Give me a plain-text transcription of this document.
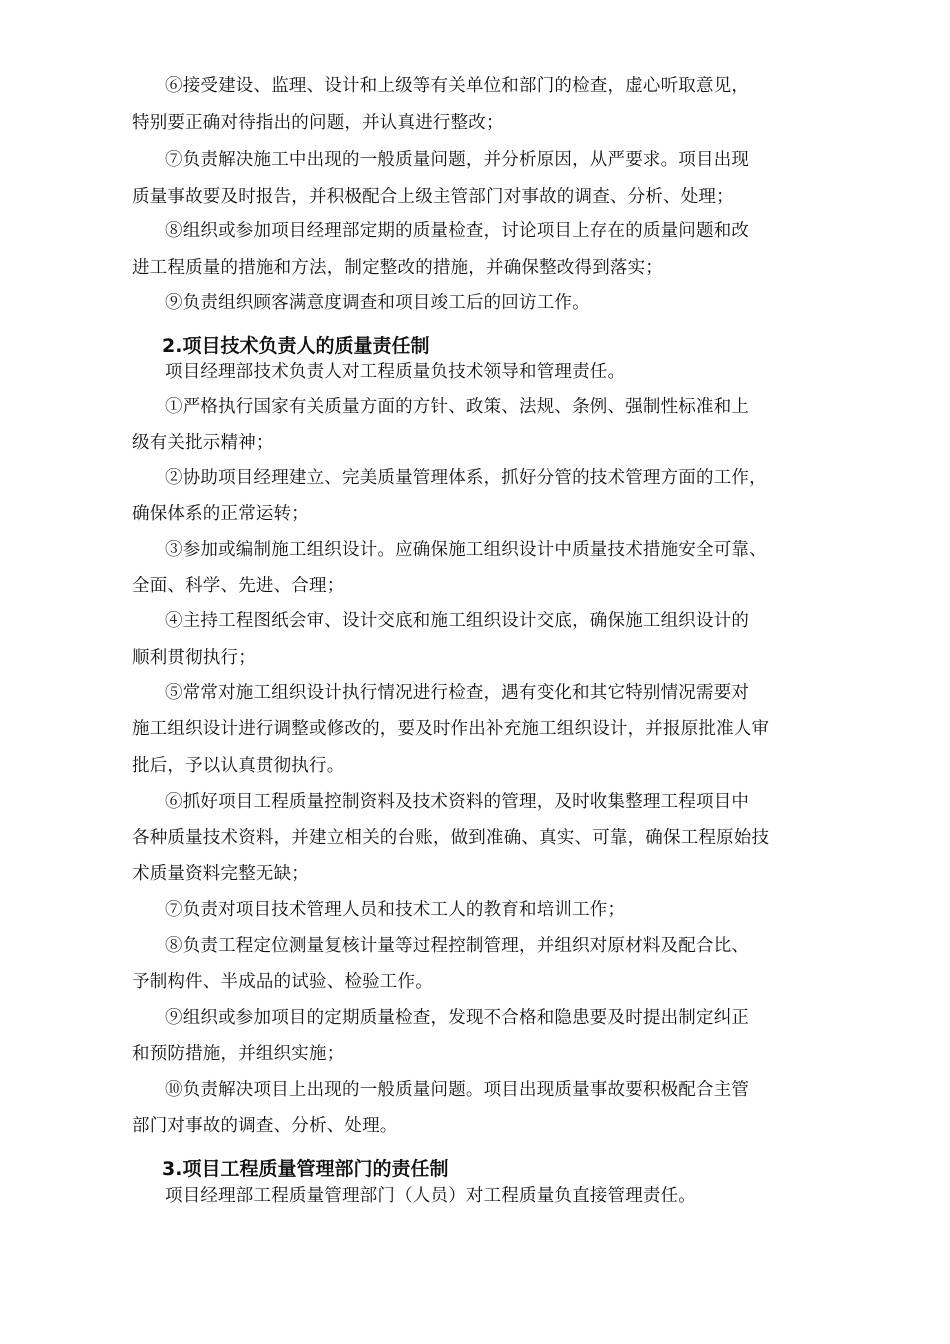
⑥接受建设、监理、设计和上级等有关单位和部门的检查，虚心听取意见，
特别要正确对待指出的问题，并认真进行整改；
⑦负责解决施工中出现的一般质量问题，并分析原因，从严要求。项目出现
质量事故要及时报告，并积极配合上级主管部门对事故的调查、分析、处理；
⑧组织或参加项目经理部定期的质量检查，讨论项目上存在的质量问题和改
进工程质量的措施和方法，制定整改的措施，并确保整改得到落实；
⑨负责组织顾客满意度调查和项目竣工后的回访工作。
2.项目技术负责人的质量责任制
项目经理部技术负责人对工程质量负技术领导和管理责任。
①严格执行国家有关质量方面的方针、政策、法规、条例、强制性标准和上
级有关批示精神；
②协助项目经理建立、完美质量管理体系，抓好分管的技术管理方面的工作，
确保体系的正常运转；
③参加或编制施工组织设计。应确保施工组织设计中质量技术措施安全可靠、
全面、科学、先进、合理；
④主持工程图纸会审、设计交底和施工组织设计交底，确保施工组织设计的
顺利贯彻执行；
⑤常常对施工组织设计执行情况进行检查，遇有变化和其它特别情况需要对
施工组织设计进行调整或修改的，要及时作出补充施工组织设计，并报原批准人审
批后，予以认真贯彻执行。
⑥抓好项目工程质量控制资料及技术资料的管理，及时收集整理工程项目中
各种质量技术资料，并建立相关的台账，做到准确、真实、可靠，确保工程原始技
术质量资料完整无缺；
⑦负责对项目技术管理人员和技术工人的教育和培训工作；
⑧负责工程定位测量复核计量等过程控制管理，并组织对原材料及配合比、
予制构件、半成品的试验、检验工作。
⑨组织或参加项目的定期质量检查，发现不合格和隐患要及时提出制定纠正
和预防措施，并组织实施；
⑩负责解决项目上出现的一般质量问题。项目出现质量事故要积极配合主管
部门对事故的调查、分析、处理。
3.项目工程质量管理部门的责任制
项目经理部工程质量管理部门（人员）对工程质量负直接管理责任。
